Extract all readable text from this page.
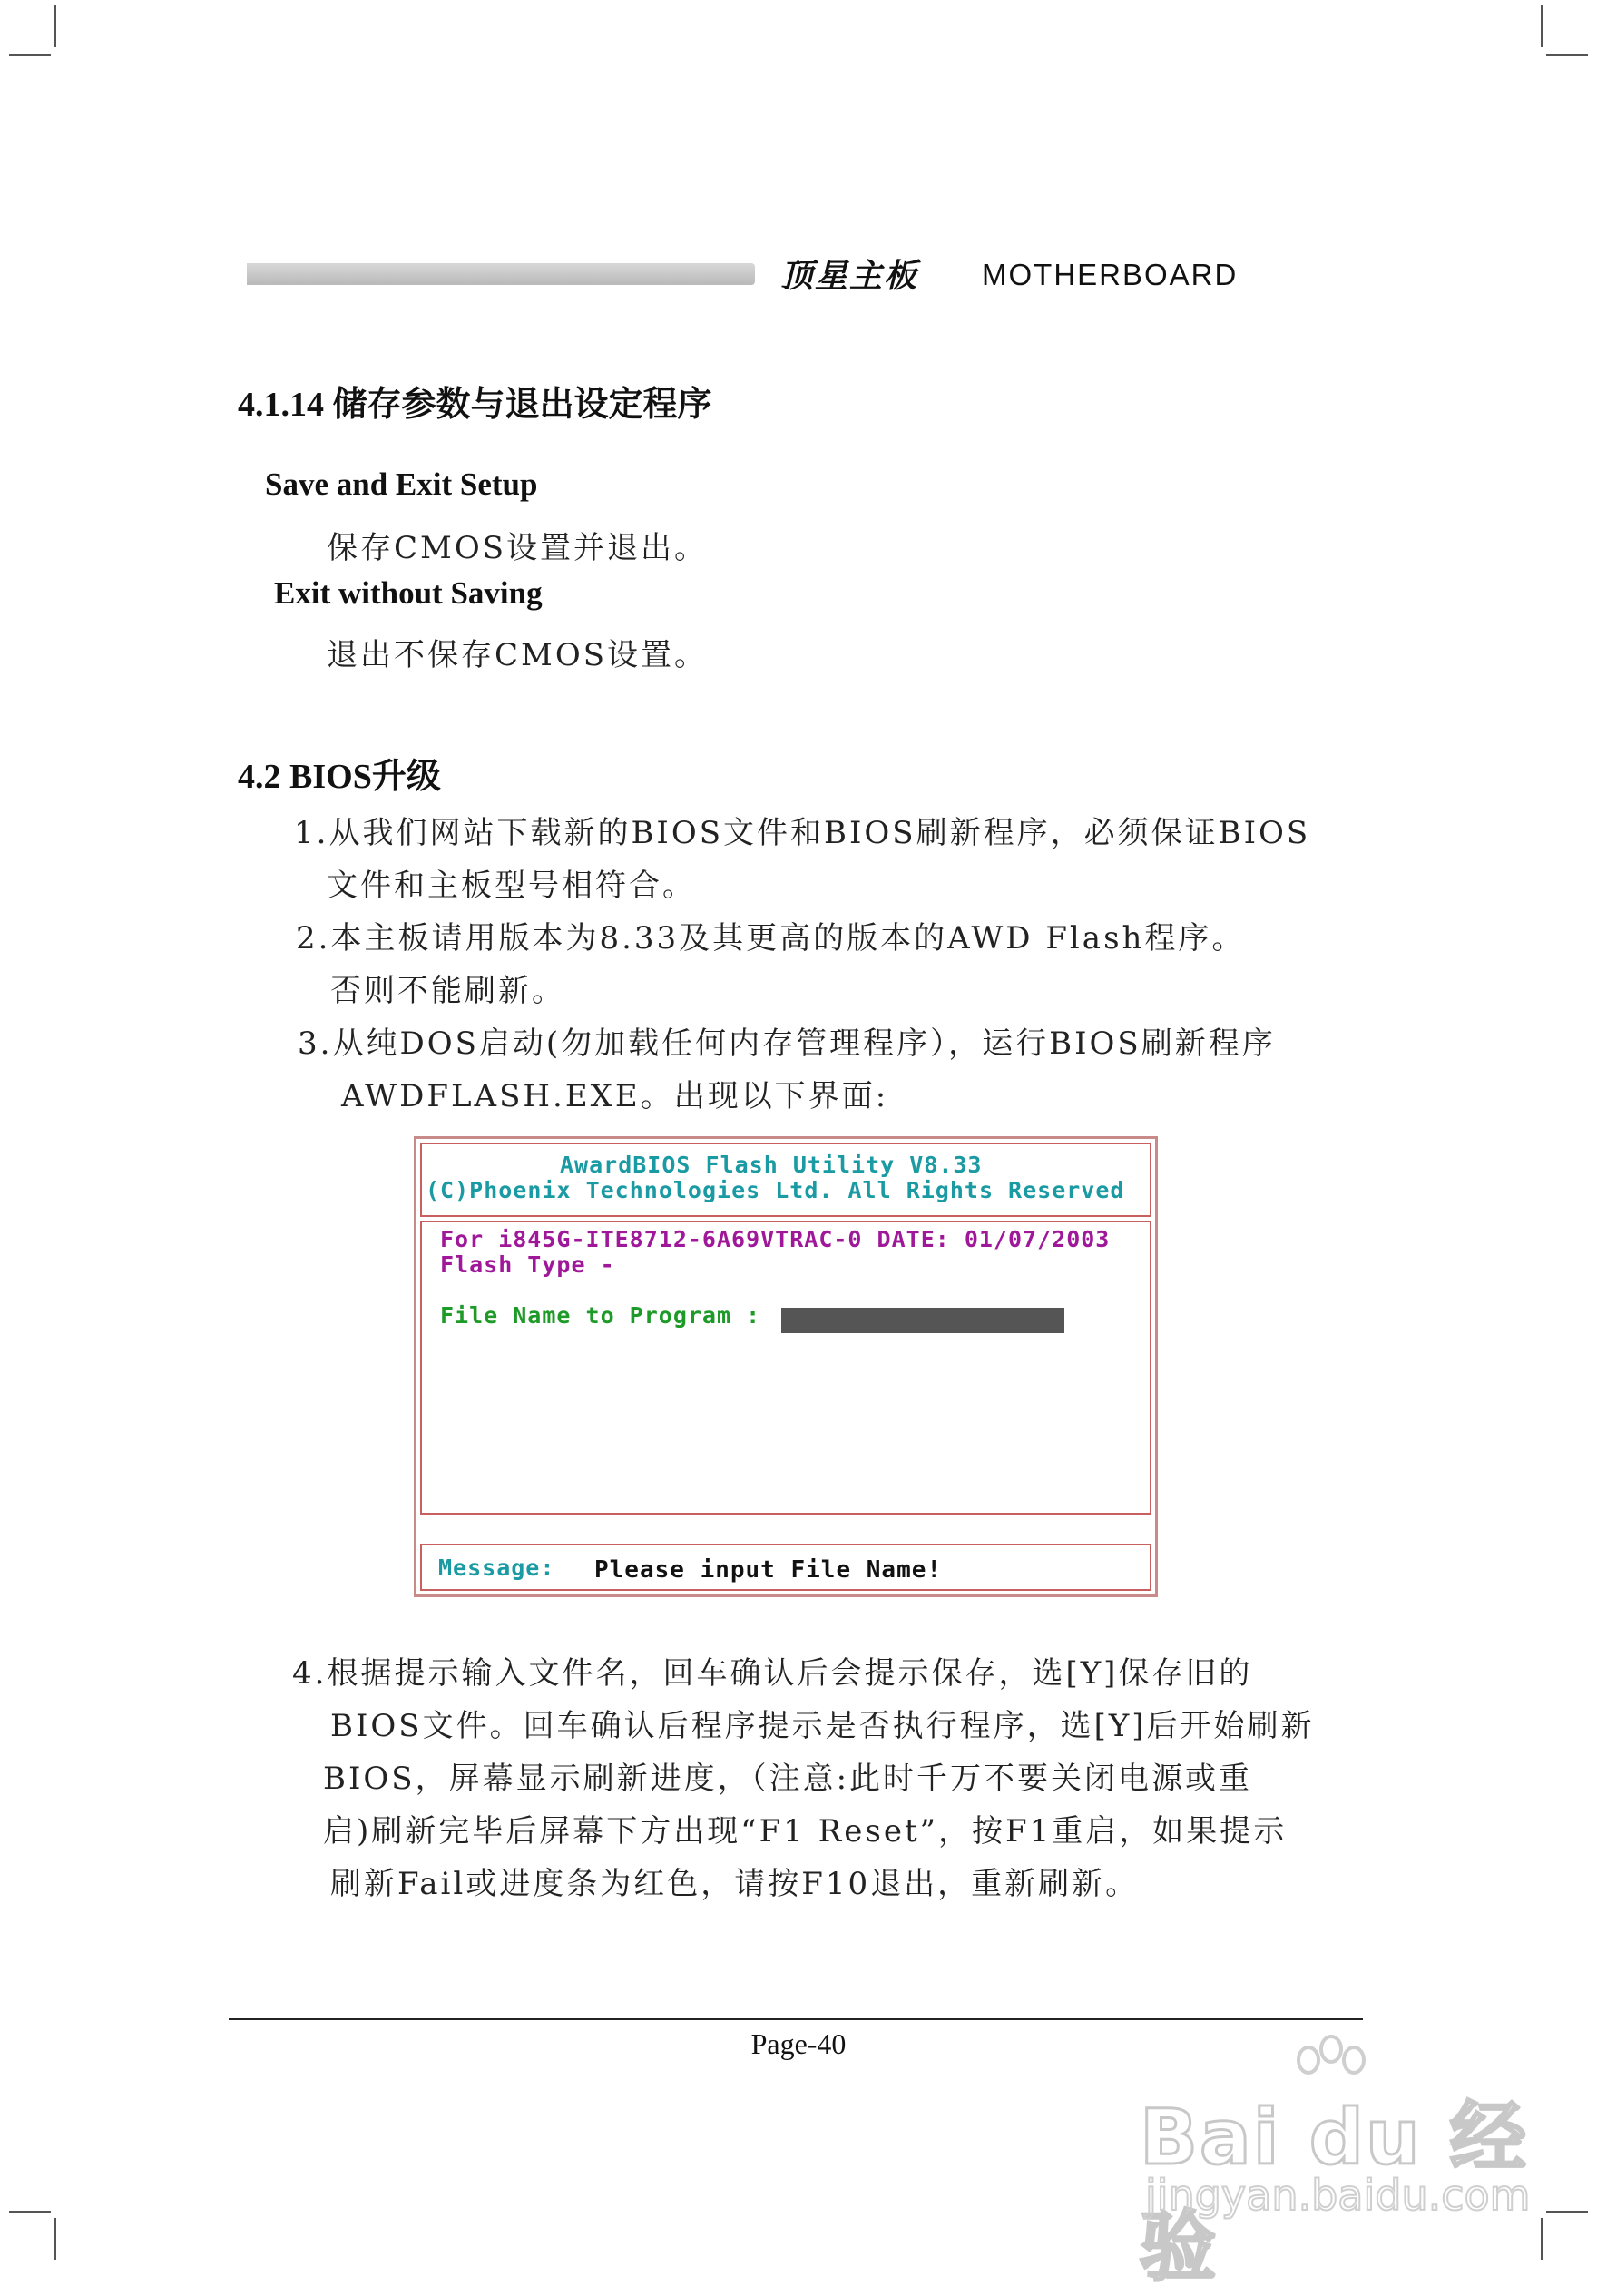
顶星主板 MOTHERBOARD
4.1.14 储存参数与退出设定程序
Save and Exit Setup
保存CMOS设置并退出。
Exit without Saving
退出不保存CMOS设置。
4.2 BIOS升级
1.从我们网站下载新的BIOS文件和BIOS刷新程序，必须保证BIOS
文件和主板型号相符合。
2.本主板请用版本为8.33及其更高的版本的AWD Flash程序。
否则不能刷新。
3.从纯DOS启动(勿加载任何内存管理程序），运行BIOS刷新程序
AWDFLASH.EXE。出现以下界面:
AwardBIOS Flash Utility V8.33
(C)Phoenix Technologies Ltd. All Rights Reserved
For i845G-ITE8712-6A69VTRAC-0 DATE: 01/07/2003
Flash Type -
File Name to Program :
Message: Please input File Name!
4.根据提示输入文件名，回车确认后会提示保存，选[Y]保存旧的
BIOS文件。回车确认后程序提示是否执行程序，选[Y]后开始刷新
BIOS，屏幕显示刷新进度，（注意:此时千万不要关闭电源或重
启)刷新完毕后屏幕下方出现“F1 Reset”，按F1重启，如果提示
刷新Fail或进度条为红色，请按F10退出，重新刷新。
Page-40
Bai du 经验
jingyan.baidu.com
